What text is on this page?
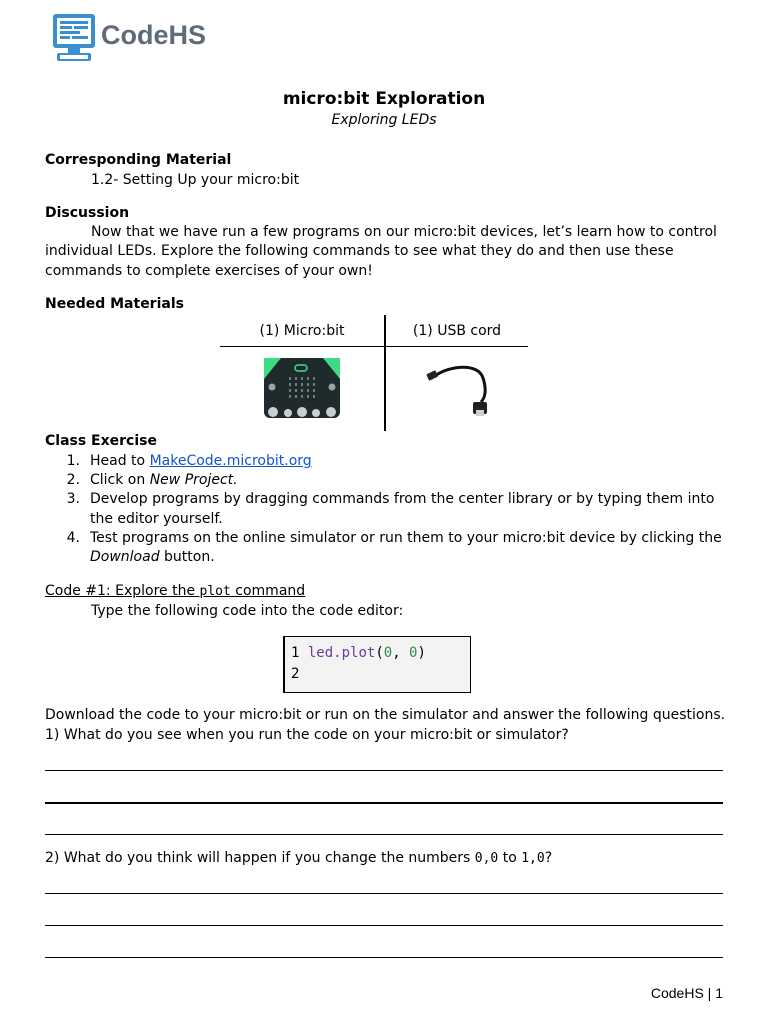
CodeHS
micro:bit Exploration
Exploring LEDs
Corresponding Material
1.2- Setting Up your micro:bit
Discussion
Now that we have run a few programs on our micro:bit devices, let’s learn how to control
individual LEDs. Explore the following commands to see what they do and then use these
commands to complete exercises of your own!
Needed Materials
(1) Micro:bit	(1) USB cord
Class Exercise
1. Head to MakeCode.microbit.org
2. Click on New Project.
3. Develop programs by dragging commands from the center library or by typing them into
the editor yourself.
4. Test programs on the online simulator or run them to your micro:bit device by clicking the
Download button.
Code #1: Explore the plot command
Type the following code into the code editor:
1 led.plot(0, 0)
2
Download the code to your micro:bit or run on the simulator and answer the following questions.
1) What do you see when you run the code on your micro:bit or simulator?
2) What do you think will happen if you change the numbers 0,0 to 1,0?
CodeHS | 1
